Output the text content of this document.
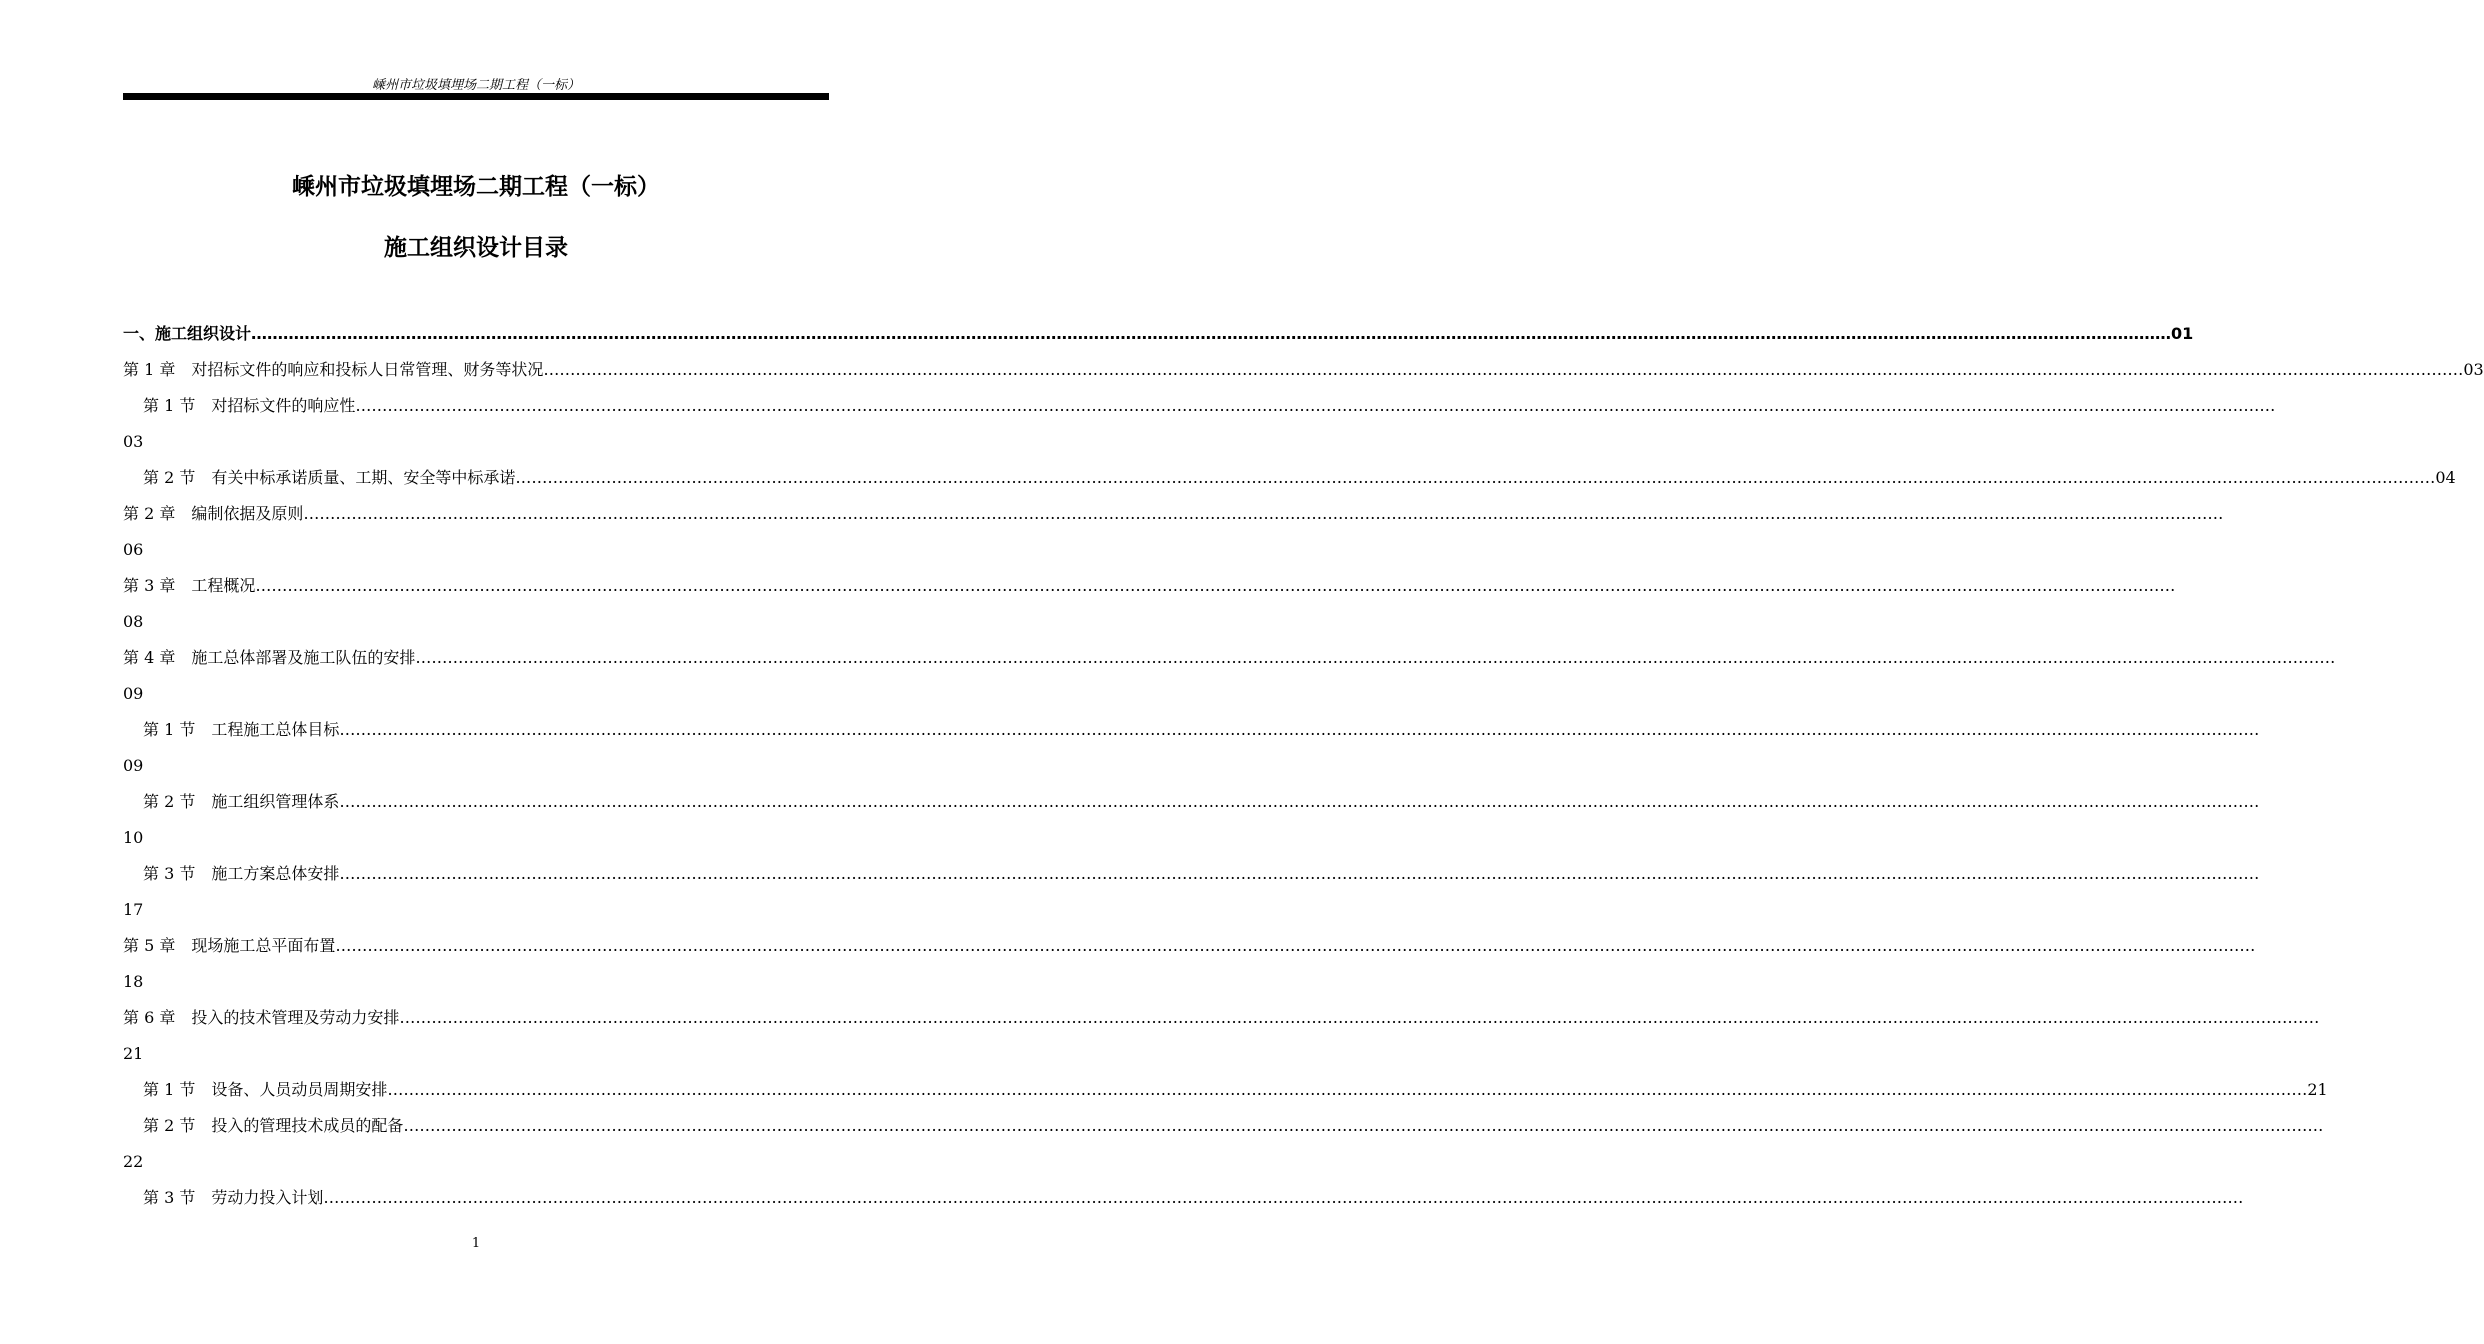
嵊州市垃圾填埋场二期工程（一标）
嵊州市垃圾填埋场二期工程（一标）
施工组织设计目录
一、施工组织设计 ……………………………………………………………………………………………………………………………………………………………………………………………………………………………………………………………………………………………………………………………… 01
第 1 章　对招标文件的响应和投标人日常管理、财务等状况 ……………………………………………………………………………………………………………………………………………………………………………………………………………………………………………………………………………………………………………………………… 03
第 1 节　对招标文件的响应性 ………………………………………………………………………………………………………………………………………………………………………………………………………………………………………………………………………………………………………………………………
03
第 2 节　有关中标承诺质量、工期、安全等中标承诺 ……………………………………………………………………………………………………………………………………………………………………………………………………………………………………………………………………………………………………………………………… 04
第 2 章　编制依据及原则 ………………………………………………………………………………………………………………………………………………………………………………………………………………………………………………………………………………………………………………………………
06
第 3 章　工程概况 ………………………………………………………………………………………………………………………………………………………………………………………………………………………………………………………………………………………………………………………………
08
第 4 章　施工总体部署及施工队伍的安排 ………………………………………………………………………………………………………………………………………………………………………………………………………………………………………………………………………………………………………………………………
09
第 1 节　工程施工总体目标 ………………………………………………………………………………………………………………………………………………………………………………………………………………………………………………………………………………………………………………………………
09
第 2 节　施工组织管理体系 ………………………………………………………………………………………………………………………………………………………………………………………………………………………………………………………………………………………………………………………………
10
第 3 节　施工方案总体安排 ………………………………………………………………………………………………………………………………………………………………………………………………………………………………………………………………………………………………………………………………
17
第 5 章　现场施工总平面布置 ………………………………………………………………………………………………………………………………………………………………………………………………………………………………………………………………………………………………………………………………
18
第 6 章　投入的技术管理及劳动力安排 ………………………………………………………………………………………………………………………………………………………………………………………………………………………………………………………………………………………………………………………………
21
第 1 节　设备、人员动员周期安排 ……………………………………………………………………………………………………………………………………………………………………………………………………………………………………………………………………………………………………………………………… 21
第 2 节　投入的管理技术成员的配备 ………………………………………………………………………………………………………………………………………………………………………………………………………………………………………………………………………………………………………………………………
22
第 3 节　劳动力投入计划 ………………………………………………………………………………………………………………………………………………………………………………………………………………………………………………………………………………………………………………………………
1
